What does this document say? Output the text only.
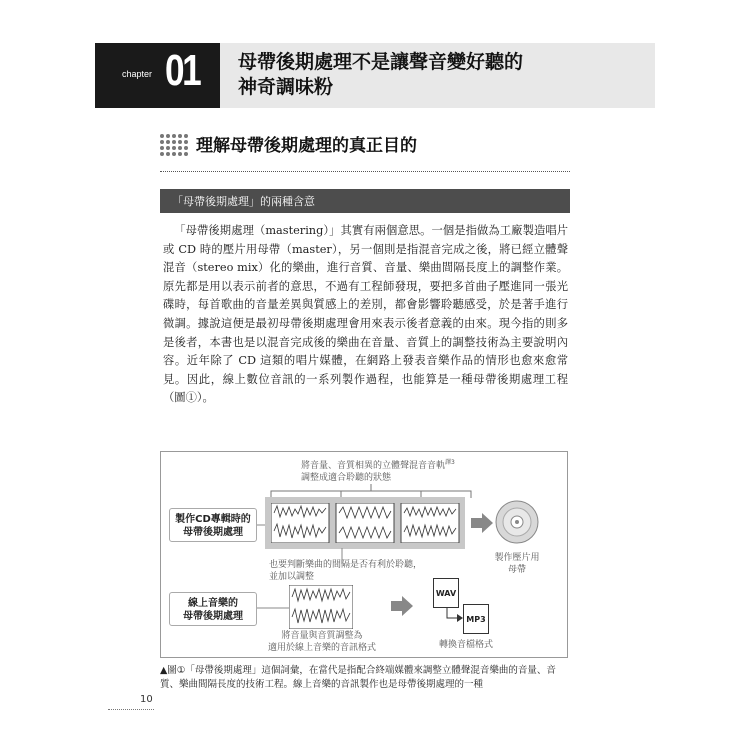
chapter 01 母帶後期處理不是讓聲音變好聽的
神奇調味粉
理解母帶後期處理的真正目的
「母帶後期處理」的兩種含意
「母帶後期處理（mastering）」其實有兩個意思。一個是指做為工廠製造唱片或 CD 時的壓片用母帶（master），另一個則是指混音完成之後，將已經立體聲混音（stereo mix）化的樂曲，進行音質、音量、樂曲間隔長度上的調整作業。原先都是用以表示前者的意思，不過有工程師發現，要把多首曲子壓進同一張光碟時，每首歌曲的音量差異與質感上的差別，都會影響聆聽感受，於是著手進行微調。據說這便是最初母帶後期處理會用來表示後者意義的由來。現今指的則多是後者，本書也是以混音完成後的樂曲在音量、音質上的調整技術為主要說明內容。近年除了 CD 這類的唱片媒體，在網路上發表音樂作品的情形也愈來愈常見。因此，線上數位音訊的一系列製作過程，也能算是一種母帶後期處理工程（圖①）。
將音量、音質相異的立體聲混音音軌$^{譯3}$
調整成適合聆聽的狀態
製作CD專輯時的
母帶後期處理
製作壓片用
母帶
也要判斷樂曲的間隔是否有利於聆聽，
並加以調整
線上音樂的
母帶後期處理
將音量與音質調整為
適用於線上音樂的音訊格式
WAV
MP3
轉換音檔格式
▲圖①「母帶後期處理」這個詞彙，在當代是指配合終端媒體來調整立體聲混音樂曲的音量、音質、樂曲間隔長度的技術工程。線上音樂的音訊製作也是母帶後期處理的一種
10
